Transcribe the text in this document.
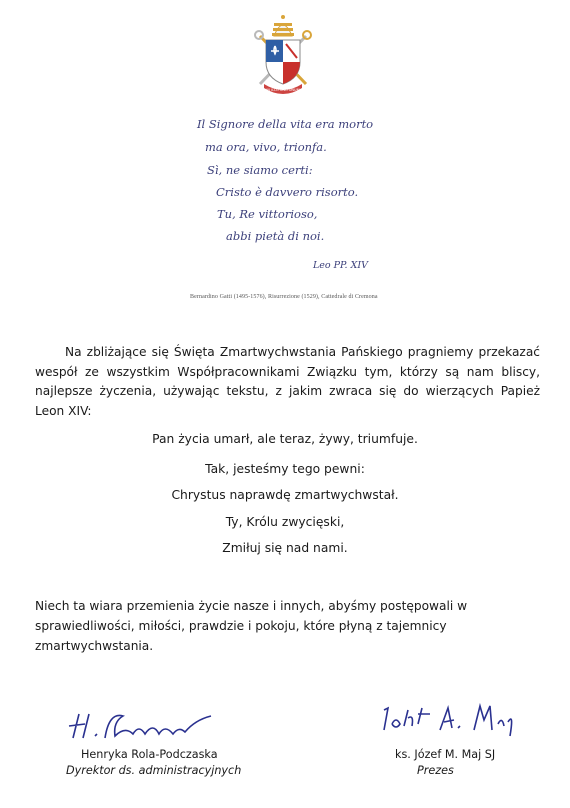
IN ILLO UNO UNUM
Il Signore della vita era morto
ma ora, vivo, trionfa.
Sì, ne siamo certi:
Cristo è davvero risorto.
Tu, Re vittorioso,
abbi pietà di noi.
Leo PP. XIV
Bernardino Gatti (1495-1576), Risurrezione (1529), Cattedrale di Cremona
Na zbliżające się Święta Zmartwychwstania Pańskiego pragniemy przekazać wespół ze wszystkim Współpracownikami Związku tym, którzy są nam bliscy, najlepsze życzenia, używając tekstu, z jakim zwraca się do wierzących Papież Leon XIV:
Pan życia umarł, ale teraz, żywy, triumfuje.
Tak, jesteśmy tego pewni:
Chrystus naprawdę zmartwychwstał.
Ty, Królu zwycięski,
Zmiłuj się nad nami.
Niech ta wiara przemienia życie nasze i innych, abyśmy postępowali w sprawiedliwości, miłości, prawdzie i pokoju, które płyną z tajemnicy zmartwychwstania.
Henryka Rola-Podczaska
Dyrektor ds. administracyjnych
ks. Józef M. Maj SJ
Prezes
